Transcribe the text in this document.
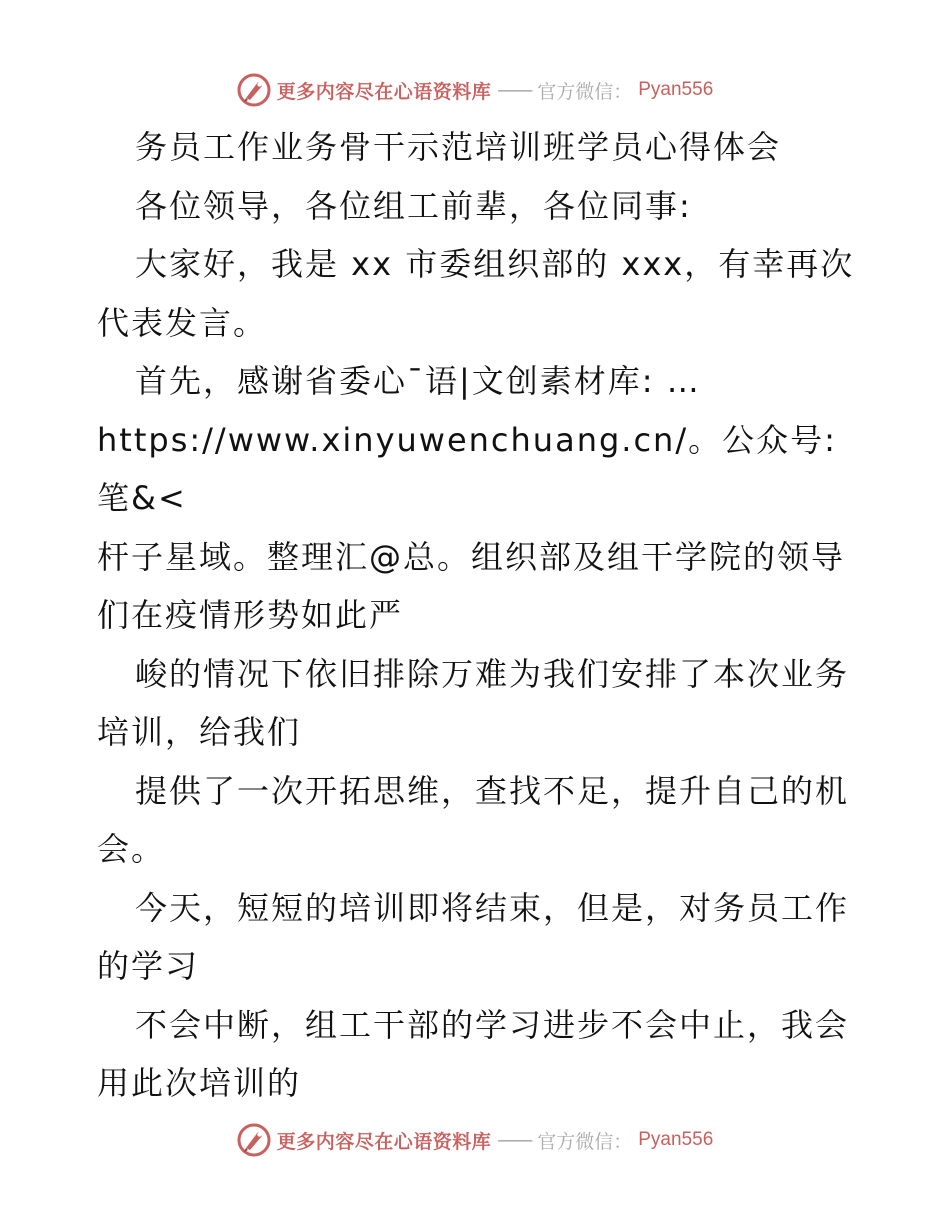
更多内容尽在心语资料库 —— 官方微信： Pyan556

务员工作业务骨干示范培训班学员心得体会

各位领导，各位组工前辈，各位同事:

大家好，我是 xx 市委组织部的 xxx，有幸再次

代表发言。

首先，感谢省委心¯语|文创素材库: …

https://www.xinyuwenchuang.cn/。公众号: 笔&<

杆子星域。整理汇@总。组织部及组干学院的领导

们在疫情形势如此严

峻的情况下依旧排除万难为我们安排了本次业务

培训，给我们

提供了一次开拓思维，查找不足，提升自己的机

会。

今天，短短的培训即将结束，但是，对务员工作

的学习

不会中断，组工干部的学习进步不会中止，我会

用此次培训的

更多内容尽在心语资料库 —— 官方微信： Pyan556
